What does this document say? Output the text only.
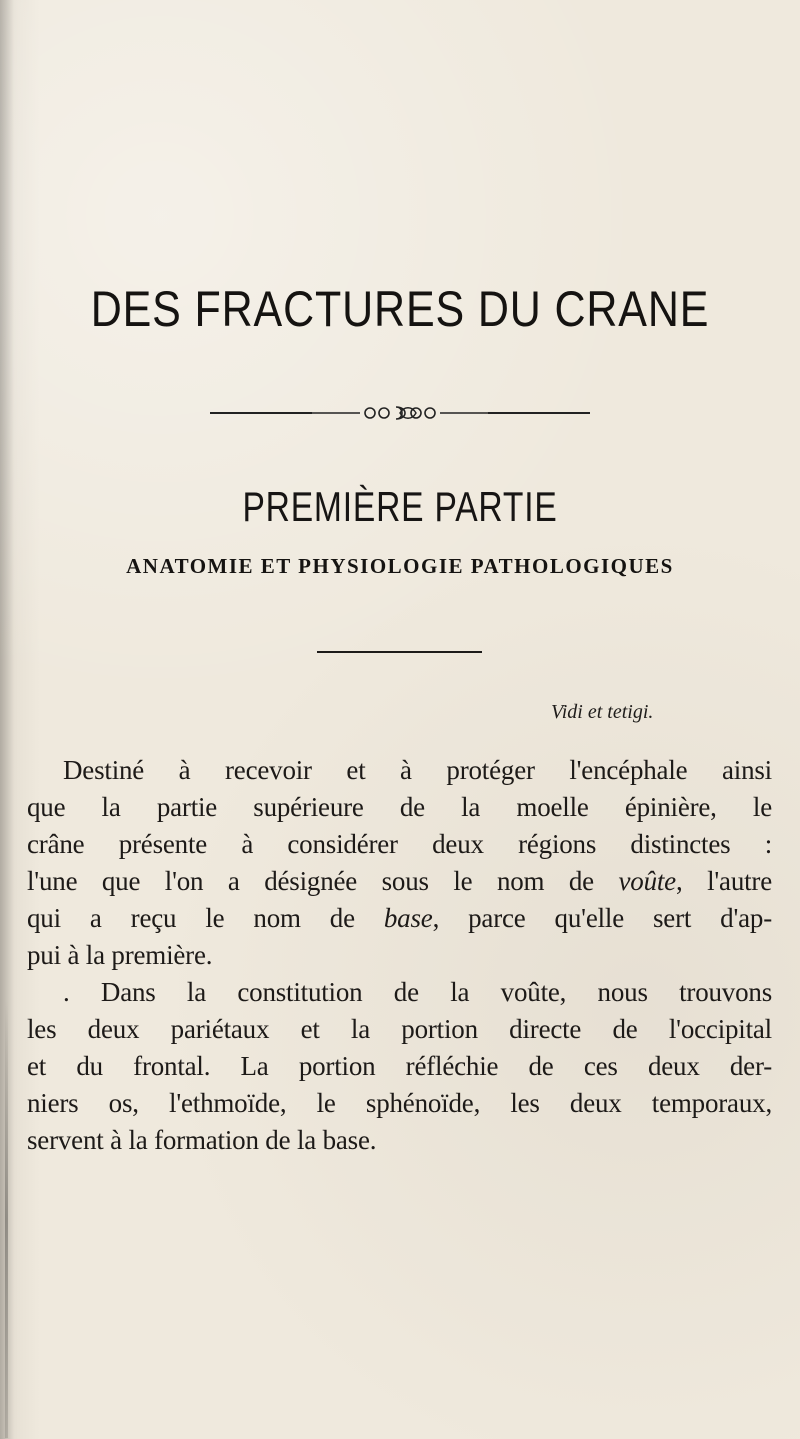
DES FRACTURES DU CRANE
PREMIÈRE PARTIE
ANATOMIE ET PHYSIOLOGIE PATHOLOGIQUES
Vidi et tetigi.
Destiné à recevoir et à protéger l'encéphale ainsi
que la partie supérieure de la moelle épinière, le
crâne présente à considérer deux régions distinctes :
l'une que l'on a désignée sous le nom de voûte, l'autre
qui a reçu le nom de base, parce qu'elle sert d'ap-
pui à la première.
. Dans la constitution de la voûte, nous trouvons
les deux pariétaux et la portion directe de l'occipital
et du frontal. La portion réfléchie de ces deux der-
niers os, l'ethmoïde, le sphénoïde, les deux temporaux,
servent à la formation de la base.
